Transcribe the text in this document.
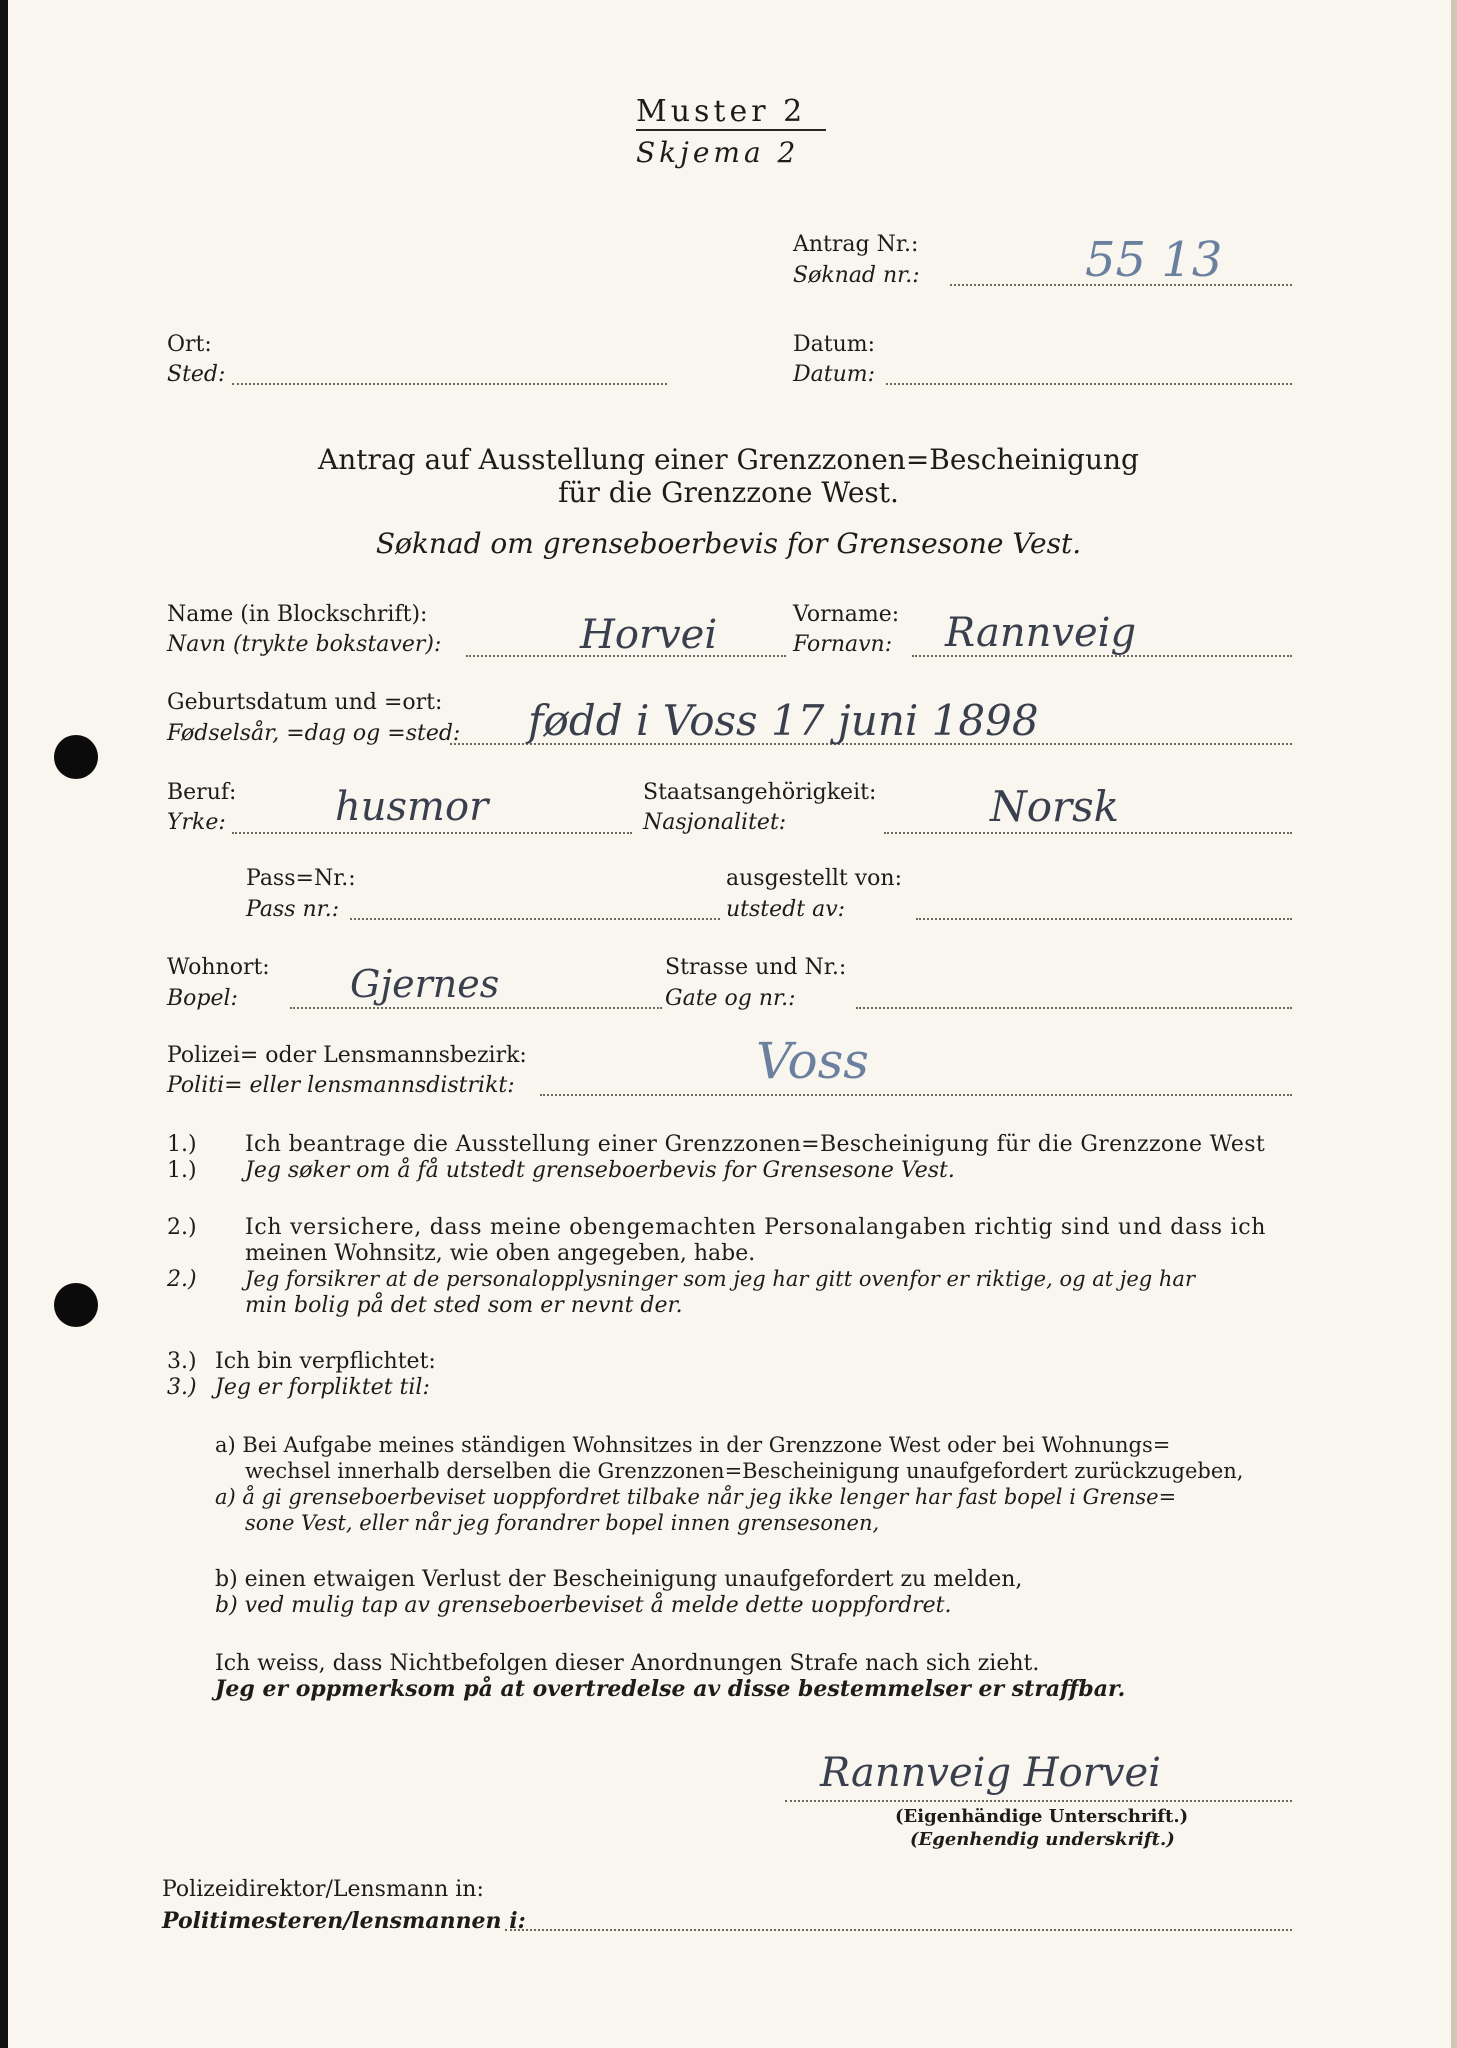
Muster 2
Skjema 2
Antrag Nr.:
Søknad nr.:	55 13
Ort:
Sted:
Datum:
Datum:
Antrag auf Ausstellung einer Grenzzonen=Bescheinigung
für die Grenzzone West.
Søknad om grenseboerbevis for Grensesone Vest.
Name (in Blockschrift):
Navn (trykte bokstaver):	Horvei	Vorname:
Fornavn: Rannveig
Geburtsdatum und =ort:
Fødselsår, =dag og =sted: fødd i Voss 17 juni 1898
Beruf:
Yrke:	husmor	Staatsangehörigkeit:
Nasjonalitet:	Norsk
Pass=Nr.:
Pass nr.:
ausgestellt von:
utstedt av:
Wohnort:
Bopel:	Gjernes	Strasse und Nr.:
Gate og nr.:
Polizei= oder Lensmannsbezirk:
Politi= eller lensmannsdistrikt:	Voss
1.) Ich beantrage die Ausstellung einer Grenzzonen=Bescheinigung für die Grenzzone West
1.) Jeg søker om å få utstedt grenseboerbevis for Grensesone Vest.
2.) Ich versichere, dass meine obengemachten Personalangaben richtig sind und dass ich
meinen Wohnsitz, wie oben angegeben, habe.
2.) Jeg forsikrer at de personalopplysninger som jeg har gitt ovenfor er riktige, og at jeg har
min bolig på det sted som er nevnt der.
3.) Ich bin verpflichtet:
3.) Jeg er forpliktet til:
a) Bei Aufgabe meines ständigen Wohnsitzes in der Grenzzone West oder bei Wohnungs=
wechsel innerhalb derselben die Grenzzonen=Bescheinigung unaufgefordert zurückzugeben,
a) å gi grenseboerbeviset uoppfordret tilbake når jeg ikke lenger har fast bopel i Grense=
sone Vest, eller når jeg forandrer bopel innen grensesonen,
b) einen etwaigen Verlust der Bescheinigung unaufgefordert zu melden,
b) ved mulig tap av grenseboerbeviset å melde dette uoppfordret.
Ich weiss, dass Nichtbefolgen dieser Anordnungen Strafe nach sich zieht.
Jeg er oppmerksom på at overtredelse av disse bestemmelser er straffbar.
Rannveig Horvei
(Eigenhändige Unterschrift.)
(Egenhendig underskrift.)
Polizeidirektor/Lensmann in:
Politimesteren/lensmannen i:
